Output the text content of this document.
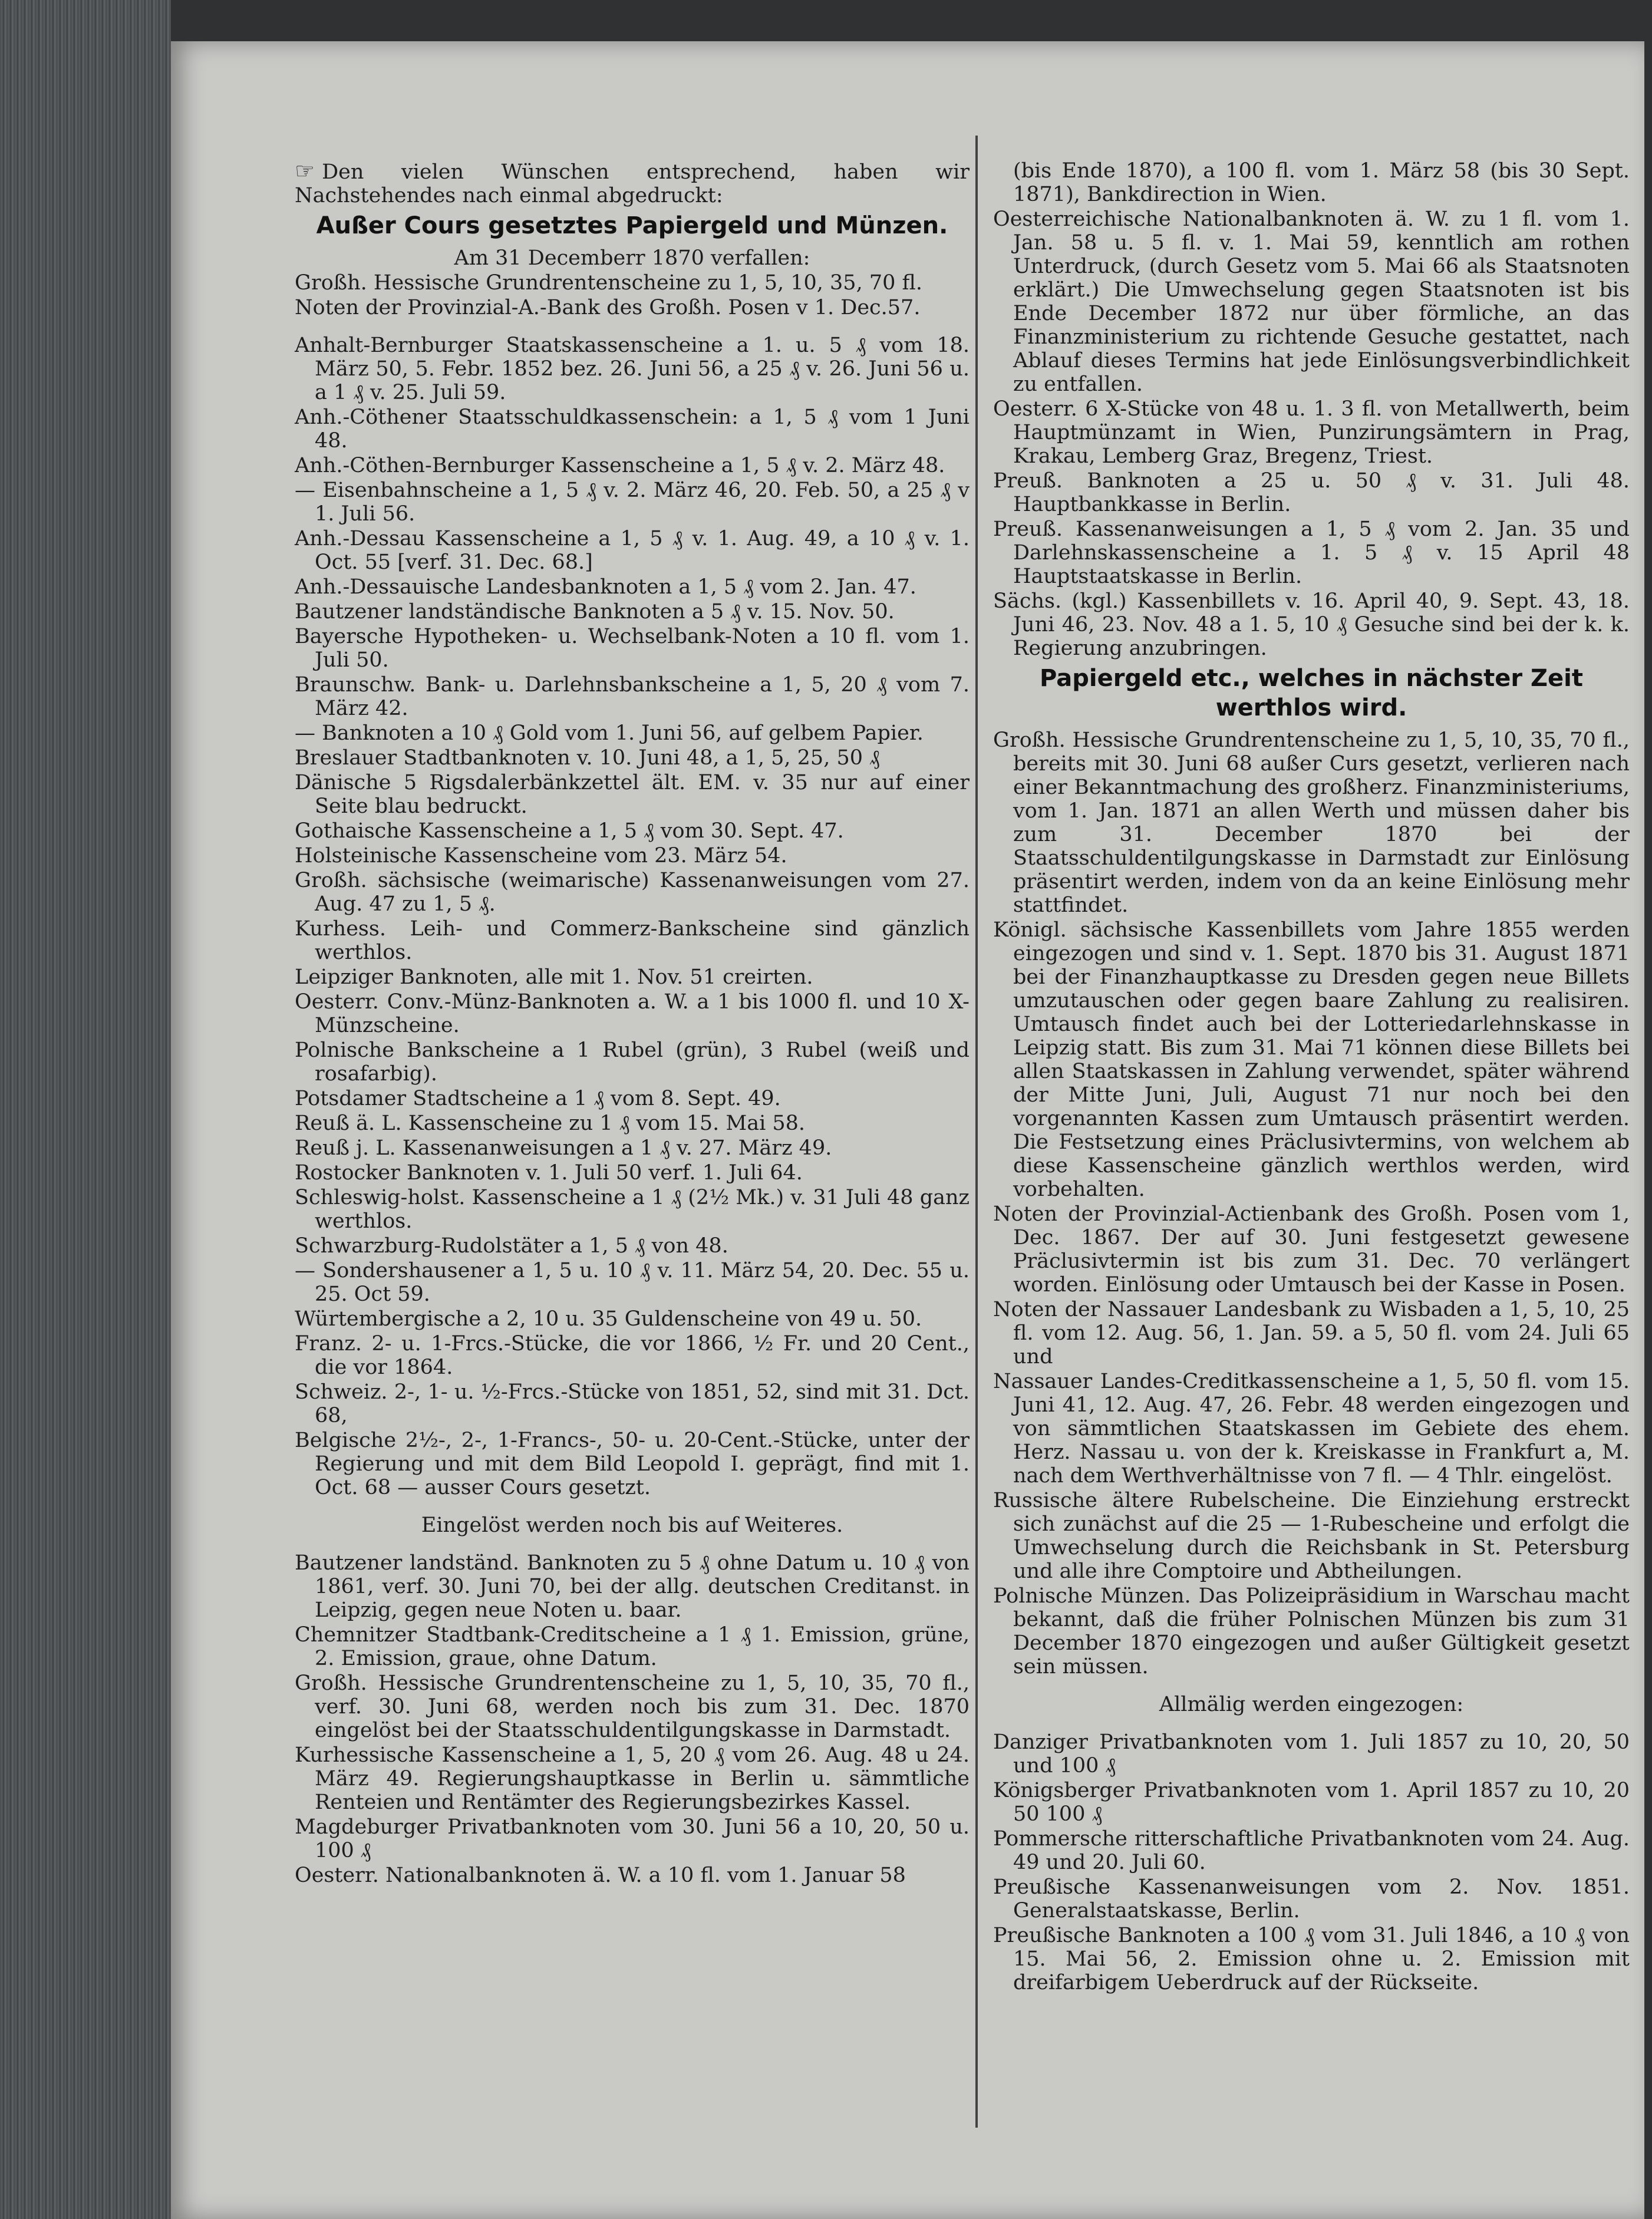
☞ Den vielen Wünschen entsprechend, haben wir Nachstehendes nach einmal abgedruckt:

Außer Cours gesetztes Papiergeld und Münzen.

Am 31 Decemberr 1870 verfallen:

Großh. Hessische Grundrentenscheine zu 1, 5, 10, 35, 70 fl.

Noten der Provinzial-A.-Bank des Großh. Posen v 1. Dec.57.

Anhalt-Bernburger Staatskassenscheine a 1. u. 5 ₰ vom 18. März 50, 5. Febr. 1852 bez. 26. Juni 56, a 25 ₰ v. 26. Juni 56 u. a 1 ₰ v. 25. Juli 59.

Anh.-Cöthener Staatsschuldkassenschein: a 1, 5 ₰ vom 1 Juni 48.

Anh.-Cöthen-Bernburger Kassenscheine a 1, 5 ₰ v. 2. März 48.

— Eisenbahnscheine a 1, 5 ₰ v. 2. März 46, 20. Feb. 50, a 25 ₰ v 1. Juli 56.

Anh.-Dessau Kassenscheine a 1, 5 ₰ v. 1. Aug. 49, a 10 ₰ v. 1. Oct. 55 [verf. 31. Dec. 68.]

Anh.-Dessauische Landesbanknoten a 1, 5 ₰ vom 2. Jan. 47.

Bautzener landständische Banknoten a 5 ₰ v. 15. Nov. 50.

Bayersche Hypotheken- u. Wechselbank-Noten a 10 fl. vom 1. Juli 50.

Braunschw. Bank- u. Darlehnsbankscheine a 1, 5, 20 ₰ vom 7. März 42.

— Banknoten a 10 ₰ Gold vom 1. Juni 56, auf gelbem Papier.

Breslauer Stadtbanknoten v. 10. Juni 48, a 1, 5, 25, 50 ₰

Dänische 5 Rigsdalerbänkzettel ält. EM. v. 35 nur auf einer Seite blau bedruckt.

Gothaische Kassenscheine a 1, 5 ₰ vom 30. Sept. 47.

Holsteinische Kassenscheine vom 23. März 54.

Großh. sächsische (weimarische) Kassenanweisungen vom 27. Aug. 47 zu 1, 5 ₰.

Kurhess. Leih- und Commerz-Bankscheine sind gänzlich werthlos.

Leipziger Banknoten, alle mit 1. Nov. 51 creirten.

Oesterr. Conv.-Münz-Banknoten a. W. a 1 bis 1000 fl. und 10 X-Münzscheine.

Polnische Bankscheine a 1 Rubel (grün), 3 Rubel (weiß und rosafarbig).

Potsdamer Stadtscheine a 1 ₰ vom 8. Sept. 49.

Reuß ä. L. Kassenscheine zu 1 ₰ vom 15. Mai 58.

Reuß j. L. Kassenanweisungen a 1 ₰ v. 27. März 49.

Rostocker Banknoten v. 1. Juli 50 verf. 1. Juli 64.

Schleswig-holst. Kassenscheine a 1 ₰ (2½ Mk.) v. 31 Juli 48 ganz werthlos.

Schwarzburg-Rudolstäter a 1, 5 ₰ von 48.

— Sondershausener a 1, 5 u. 10 ₰ v. 11. März 54, 20. Dec. 55 u. 25. Oct 59.

Würtembergische a 2, 10 u. 35 Guldenscheine von 49 u. 50.

Franz. 2- u. 1-Frcs.-Stücke, die vor 1866, ½ Fr. und 20 Cent., die vor 1864.

Schweiz. 2-, 1- u. ½-Frcs.-Stücke von 1851, 52, sind mit 31. Dct. 68,

Belgische 2½-, 2-, 1-Francs-, 50- u. 20-Cent.-Stücke, unter der Regierung und mit dem Bild Leopold I. geprägt, find mit 1. Oct. 68 — ausser Cours gesetzt.

Eingelöst werden noch bis auf Weiteres.

Bautzener landständ. Banknoten zu 5 ₰ ohne Datum u. 10 ₰ von 1861, verf. 30. Juni 70, bei der allg. deutschen Creditanst. in Leipzig, gegen neue Noten u. baar.

Chemnitzer Stadtbank-Creditscheine a 1 ₰ 1. Emission, grüne, 2. Emission, graue, ohne Datum.

Großh. Hessische Grundrentenscheine zu 1, 5, 10, 35, 70 fl., verf. 30. Juni 68, werden noch bis zum 31. Dec. 1870 eingelöst bei der Staatsschuldentilgungskasse in Darmstadt.

Kurhessische Kassenscheine a 1, 5, 20 ₰ vom 26. Aug. 48 u 24. März 49. Regierungshauptkasse in Berlin u. sämmtliche Renteien und Rentämter des Regierungsbezirkes Kassel.

Magdeburger Privatbanknoten vom 30. Juni 56 a 10, 20, 50 u. 100 ₰

Oesterr. Nationalbanknoten ä. W. a 10 fl. vom 1. Januar 58

(bis Ende 1870), a 100 fl. vom 1. März 58 (bis 30 Sept. 1871), Bankdirection in Wien.

Oesterreichische Nationalbanknoten ä. W. zu 1 fl. vom 1. Jan. 58 u. 5 fl. v. 1. Mai 59, kenntlich am rothen Unterdruck, (durch Gesetz vom 5. Mai 66 als Staatsnoten erklärt.) Die Umwechselung gegen Staatsnoten ist bis Ende December 1872 nur über förmliche, an das Finanzministerium zu richtende Gesuche gestattet, nach Ablauf dieses Termins hat jede Einlösungsverbindlichkeit zu entfallen.

Oesterr. 6 X-Stücke von 48 u. 1. 3 fl. von Metallwerth, beim Hauptmünzamt in Wien, Punzirungsämtern in Prag, Krakau, Lemberg Graz, Bregenz, Triest.

Preuß. Banknoten a 25 u. 50 ₰ v. 31. Juli 48. Hauptbankkasse in Berlin.

Preuß. Kassenanweisungen a 1, 5 ₰ vom 2. Jan. 35 und Darlehnskassenscheine a 1. 5 ₰ v. 15 April 48 Hauptstaatskasse in Berlin.

Sächs. (kgl.) Kassenbillets v. 16. April 40, 9. Sept. 43, 18. Juni 46, 23. Nov. 48 a 1. 5, 10 ₰ Gesuche sind bei der k. k. Regierung anzubringen.

Papiergeld etc., welches in nächster Zeit werthlos wird.

Großh. Hessische Grundrentenscheine zu 1, 5, 10, 35, 70 fl., bereits mit 30. Juni 68 außer Curs gesetzt, verlieren nach einer Bekanntmachung des großherz. Finanzministeriums, vom 1. Jan. 1871 an allen Werth und müssen daher bis zum 31. December 1870 bei der Staatsschuldentilgungskasse in Darmstadt zur Einlösung präsentirt werden, indem von da an keine Einlösung mehr stattfindet.

Königl. sächsische Kassenbillets vom Jahre 1855 werden eingezogen und sind v. 1. Sept. 1870 bis 31. August 1871 bei der Finanzhauptkasse zu Dresden gegen neue Billets umzutauschen oder gegen baare Zahlung zu realisiren. Umtausch findet auch bei der Lotteriedarlehnskasse in Leipzig statt. Bis zum 31. Mai 71 können diese Billets bei allen Staatskassen in Zahlung verwendet, später während der Mitte Juni, Juli, August 71 nur noch bei den vorgenannten Kassen zum Umtausch präsentirt werden. Die Festsetzung eines Präclusivtermins, von welchem ab diese Kassenscheine gänzlich werthlos werden, wird vorbehalten.

Noten der Provinzial-Actienbank des Großh. Posen vom 1, Dec. 1867. Der auf 30. Juni festgesetzt gewesene Präclusivtermin ist bis zum 31. Dec. 70 verlängert worden. Einlösung oder Umtausch bei der Kasse in Posen.

Noten der Nassauer Landesbank zu Wisbaden a 1, 5, 10, 25 fl. vom 12. Aug. 56, 1. Jan. 59. a 5, 50 fl. vom 24. Juli 65 und

Nassauer Landes-Creditkassenscheine a 1, 5, 50 fl. vom 15. Juni 41, 12. Aug. 47, 26. Febr. 48 werden eingezogen und von sämmtlichen Staatskassen im Gebiete des ehem. Herz. Nassau u. von der k. Kreiskasse in Frankfurt a, M. nach dem Werthverhältnisse von 7 fl. — 4 Thlr. eingelöst.

Russische ältere Rubelscheine. Die Einziehung erstreckt sich zunächst auf die 25 — 1-Rubescheine und erfolgt die Umwechselung durch die Reichsbank in St. Petersburg und alle ihre Comptoire und Abtheilungen.

Polnische Münzen. Das Polizeipräsidium in Warschau macht bekannt, daß die früher Polnischen Münzen bis zum 31 December 1870 eingezogen und außer Gültigkeit gesetzt sein müssen.

Allmälig werden eingezogen:

Danziger Privatbanknoten vom 1. Juli 1857 zu 10, 20, 50 und 100 ₰

Königsberger Privatbanknoten vom 1. April 1857 zu 10, 20 50 100 ₰

Pommersche ritterschaftliche Privatbanknoten vom 24. Aug. 49 und 20. Juli 60.

Preußische Kassenanweisungen vom 2. Nov. 1851. Generalstaatskasse, Berlin.

Preußische Banknoten a 100 ₰ vom 31. Juli 1846, a 10 ₰ von 15. Mai 56, 2. Emission ohne u. 2. Emission mit dreifarbigem Ueberdruck auf der Rückseite.
